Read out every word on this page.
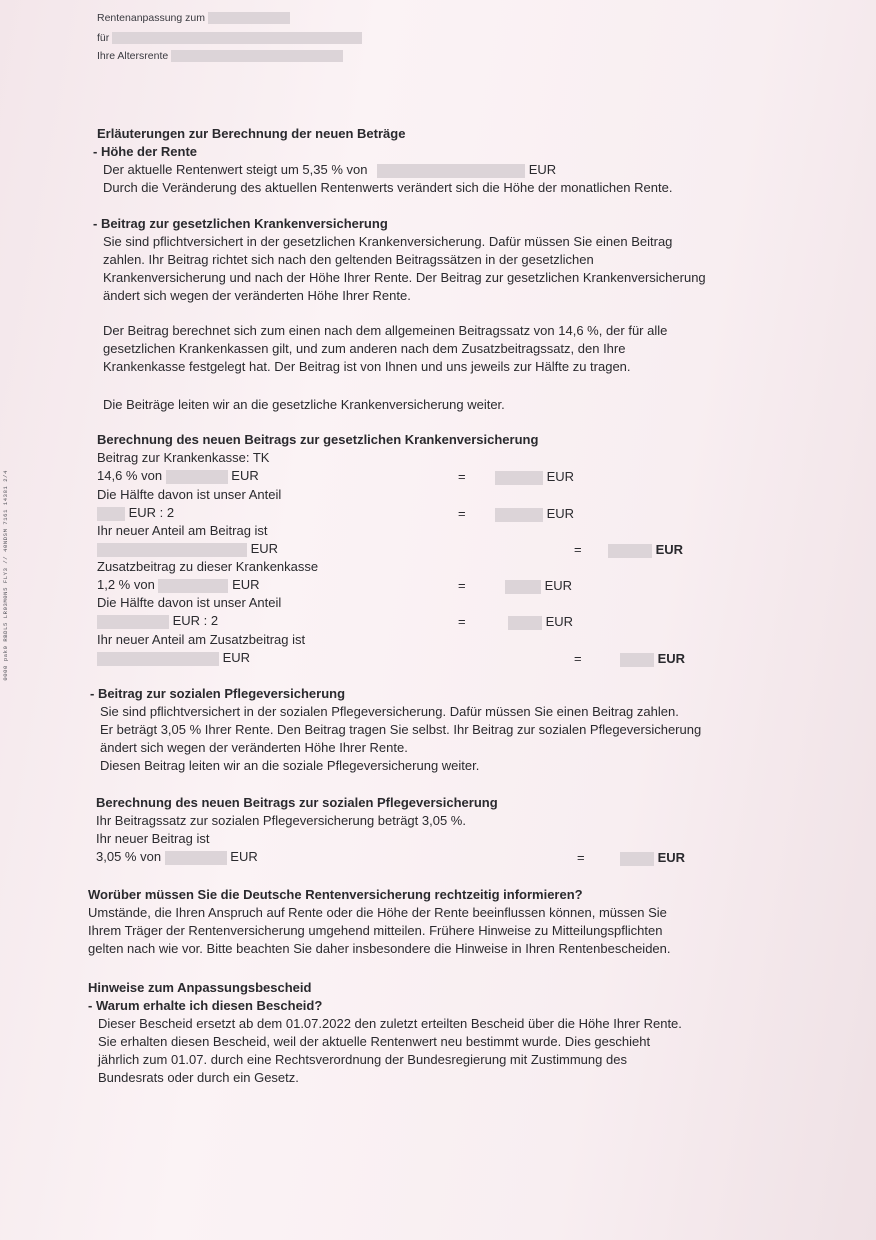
0000 pak0 RBDL5 LR03M0N5 FLY3 // 40NDSM 7161 14381 2/4
Rentenanpassung zum
für
Ihre Altersrente
Erläuterungen zur Berechnung der neuen Beträge
- Höhe der Rente
Der aktuelle Rentenwert steigt um 5,35 % von	EUR
Durch die Veränderung des aktuellen Rentenwerts verändert sich die Höhe der monatlichen Rente.
- Beitrag zur gesetzlichen Krankenversicherung
Sie sind pflichtversichert in der gesetzlichen Krankenversicherung. Dafür müssen Sie einen Beitrag
zahlen. Ihr Beitrag richtet sich nach den geltenden Beitragssätzen in der gesetzlichen
Krankenversicherung und nach der Höhe Ihrer Rente. Der Beitrag zur gesetzlichen Krankenversicherung
ändert sich wegen der veränderten Höhe Ihrer Rente.
Der Beitrag berechnet sich zum einen nach dem allgemeinen Beitragssatz von 14,6 %, der für alle
gesetzlichen Krankenkassen gilt, und zum anderen nach dem Zusatzbeitragssatz, den Ihre
Krankenkasse festgelegt hat. Der Beitrag ist von Ihnen und uns jeweils zur Hälfte zu tragen.
Die Beiträge leiten wir an die gesetzliche Krankenversicherung weiter.
Berechnung des neuen Beitrags zur gesetzlichen Krankenversicherung
Beitrag zur Krankenkasse: TK
14,6 % von	EUR	=	EUR
Die Hälfte davon ist unser Anteil
EUR : 2	=	EUR
Ihr neuer Anteil am Beitrag ist
EUR	=	EUR
Zusatzbeitrag zu dieser Krankenkasse
1,2 % von	EUR	=	EUR
Die Hälfte davon ist unser Anteil
EUR : 2	=	EUR
Ihr neuer Anteil am Zusatzbeitrag ist
EUR	=	EUR
- Beitrag zur sozialen Pflegeversicherung
Sie sind pflichtversichert in der sozialen Pflegeversicherung. Dafür müssen Sie einen Beitrag zahlen.
Er beträgt 3,05 % Ihrer Rente. Den Beitrag tragen Sie selbst. Ihr Beitrag zur sozialen Pflegeversicherung
ändert sich wegen der veränderten Höhe Ihrer Rente.
Diesen Beitrag leiten wir an die soziale Pflegeversicherung weiter.
Berechnung des neuen Beitrags zur sozialen Pflegeversicherung
Ihr Beitragssatz zur sozialen Pflegeversicherung beträgt 3,05 %.
Ihr neuer Beitrag ist
3,05 % von	EUR	=	EUR
Worüber müssen Sie die Deutsche Rentenversicherung rechtzeitig informieren?
Umstände, die Ihren Anspruch auf Rente oder die Höhe der Rente beeinflussen können, müssen Sie
Ihrem Träger der Rentenversicherung umgehend mitteilen. Frühere Hinweise zu Mitteilungspflichten
gelten nach wie vor. Bitte beachten Sie daher insbesondere die Hinweise in Ihren Rentenbescheiden.
Hinweise zum Anpassungsbescheid
- Warum erhalte ich diesen Bescheid?
Dieser Bescheid ersetzt ab dem 01.07.2022 den zuletzt erteilten Bescheid über die Höhe Ihrer Rente.
Sie erhalten diesen Bescheid, weil der aktuelle Rentenwert neu bestimmt wurde. Dies geschieht
jährlich zum 01.07. durch eine Rechtsverordnung der Bundesregierung mit Zustimmung des
Bundesrats oder durch ein Gesetz.
